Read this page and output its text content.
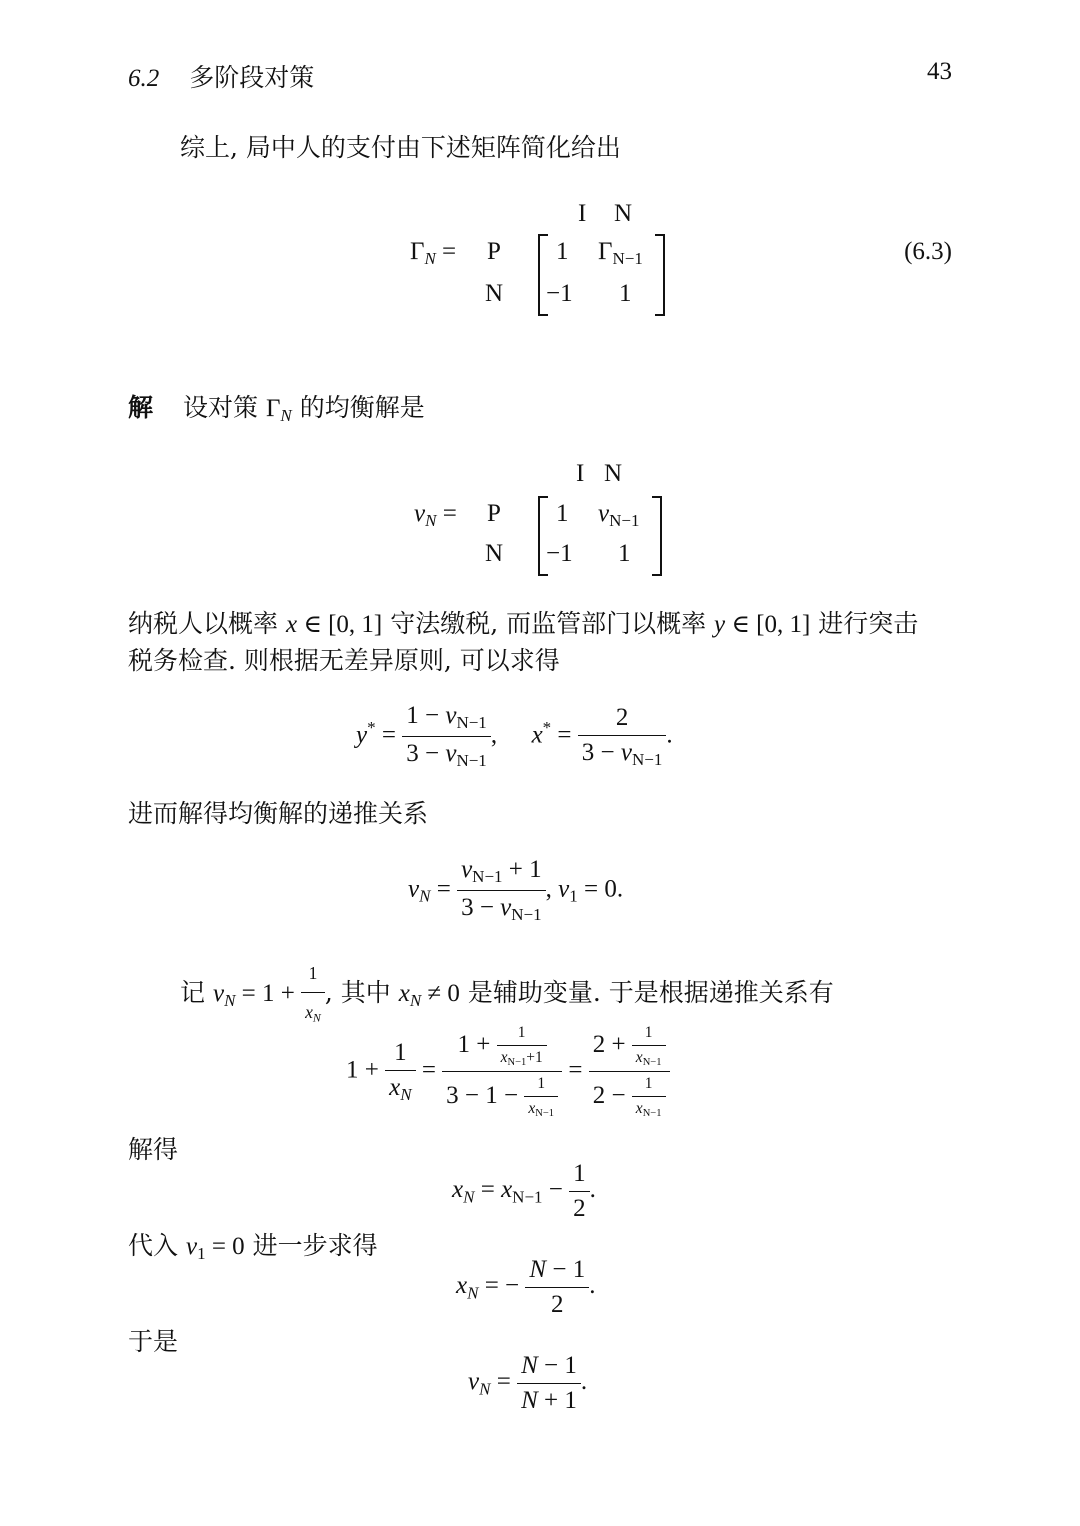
6.2 多阶段对策	43
综上, 局中人的支付由下述矩阵简化给出
I N
$\Gamma_N = P$
N
1 $\Gamma_{N-1}$
−1 1
(6.3)
解 设对策 $\Gamma_N$ 的均衡解是
I N
$v_N = P$
N
1 $v_{N-1}$
−1 1
纳税人以概率 x ∈ [0, 1] 守法缴税, 而监管部门以概率 y ∈ [0, 1] 进行突击
税务检查. 则根据无差异原则, 可以求得
$y^* = \frac{1 - v_{N-1}}{3 - v_{N-1}}$ ,  $x^* = \frac{2}{3 - v_{N-1}}$ .
进而解得均衡解的递推关系
$v_N = \frac{v_{N-1} + 1}{3 - v_{N-1}}$ , $v_1 = 0$.
记 $v_N = 1 + \frac{1}{x_N}$ , 其中 $x_N \ne 0$ 是辅助变量. 于是根据递推关系有
$1 + \frac{1}{x_N} = \frac{1 + \frac{1}{x_{N-1}+1}}{3 - 1 - \frac{1}{x_{N-1}}} = \frac{2 + \frac{1}{x_{N-1}}}{2 - \frac{1}{x_{N-1}}}$
解得
$x_N = x_{N-1} - \frac{1}{2}$ .
代入 $v_1 = 0$ 进一步求得
$x_N$ = − $\frac{N - 1}{2}$ .
于是
$v_N = \frac{N - 1}{N + 1}$ .
